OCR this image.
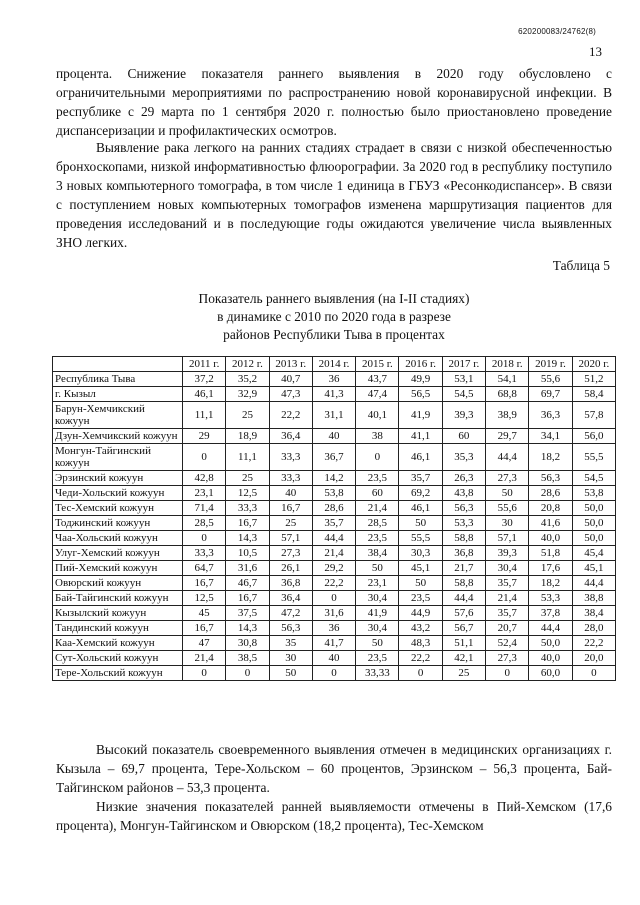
620200083/24762(8)
13

процента. Снижение показателя раннего выявления в 2020 году обусловлено с ограничительными мероприятиями по распространению новой коронавирусной инфекции. В республике с 29 марта по 1 сентября 2020 г. полностью было приостановлено проведение диспансеризации и профилактических осмотров.

Выявление рака легкого на ранних стадиях страдает в связи с низкой обеспеченностью бронхоскопами, низкой информативностью флюорографии. За 2020 год в республику поступило 3 новых компьютерного томографа, в том числе 1 единица в ГБУЗ «Ресонкодиспансер». В связи с поступлением новых компьютерных томографов изменена маршрутизация пациентов для проведения исследований и в последующие годы ожидаются увеличение числа выявленных ЗНО легких.

Таблица 5
Показатель раннего выявления (на I-II стадиях)
в динамике с 2010 по 2020 года в разрезе
районов Республики Тыва в процентах
	2011 г.	2012 г.	2013 г.	2014 г.	2015 г.	2016 г.	2017 г.	2018 г.	2019 г.	2020 г.
Республика Тыва	37,2	35,2	40,7	36	43,7	49,9	53,1	54,1	55,6	51,2
г. Кызыл	46,1	32,9	47,3	41,3	47,4	56,5	54,5	68,8	69,7	58,4
Барун-Хемчикский кожуун	11,1	25	22,2	31,1	40,1	41,9	39,3	38,9	36,3	57,8
Дзун-Хемчикский кожуун	29	18,9	36,4	40	38	41,1	60	29,7	34,1	56,0
Монгун-Тайгинский кожуун	0	11,1	33,3	36,7	0	46,1	35,3	44,4	18,2	55,5
Эрзинский кожуун	42,8	25	33,3	14,2	23,5	35,7	26,3	27,3	56,3	54,5
Чеди-Хольский кожуун	23,1	12,5	40	53,8	60	69,2	43,8	50	28,6	53,8
Тес-Хемский кожуун	71,4	33,3	16,7	28,6	21,4	46,1	56,3	55,6	20,8	50,0
Тоджинский кожуун	28,5	16,7	25	35,7	28,5	50	53,3	30	41,6	50,0
Чаа-Хольский кожуун	0	14,3	57,1	44,4	23,5	55,5	58,8	57,1	40,0	50,0
Улуг-Хемский кожуун	33,3	10,5	27,3	21,4	38,4	30,3	36,8	39,3	51,8	45,4
Пий-Хемский кожуун	64,7	31,6	26,1	29,2	50	45,1	21,7	30,4	17,6	45,1
Овюрский кожуун	16,7	46,7	36,8	22,2	23,1	50	58,8	35,7	18,2	44,4
Бай-Тайгинский кожуун	12,5	16,7	36,4	0	30,4	23,5	44,4	21,4	53,3	38,8
Кызылский кожуун	45	37,5	47,2	31,6	41,9	44,9	57,6	35,7	37,8	38,4
Тандинский кожуун	16,7	14,3	56,3	36	30,4	43,2	56,7	20,7	44,4	28,0
Каа-Хемский кожуун	47	30,8	35	41,7	50	48,3	51,1	52,4	50,0	22,2
Сут-Хольский кожуун	21,4	38,5	30	40	23,5	22,2	42,1	27,3	40,0	20,0
Тере-Хольский кожуун	0	0	50	0	33,33	0	25	0	60,0	0

Высокий показатель своевременного выявления отмечен в медицинских организациях г. Кызыла – 69,7 процента, Тере-Хольском – 60 процентов, Эрзинском – 56,3 процента, Бай-Тайгинском районов – 53,3 процента.

Низкие значения показателей ранней выявляемости отмечены в Пий-Хемском (17,6 процента), Монгун-Тайгинском и Овюрском (18,2 процента), Тес-Хемском
